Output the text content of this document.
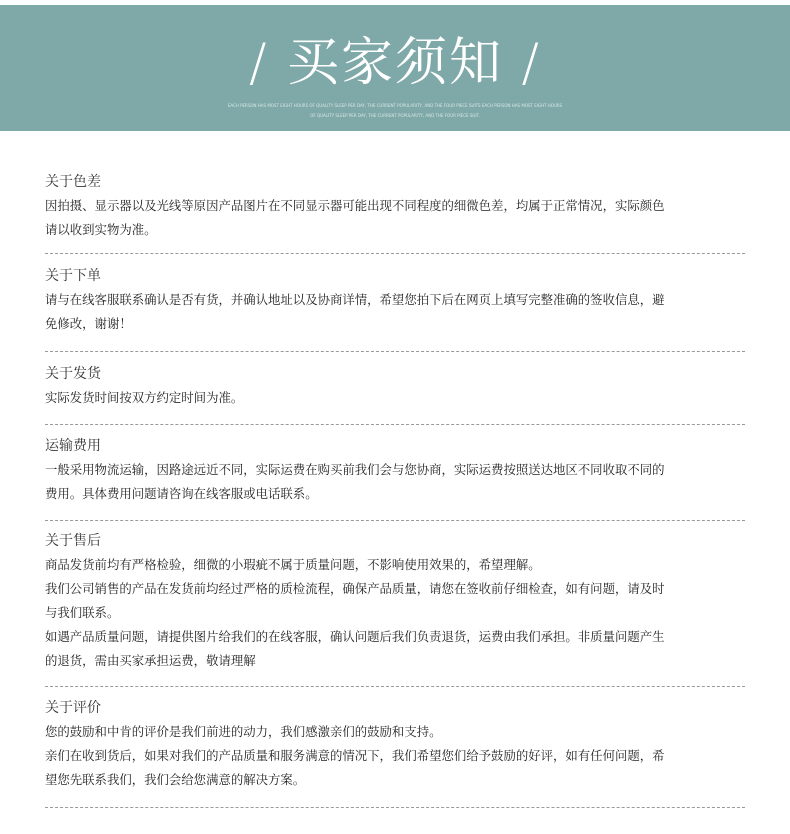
/ 买家须知 /
EACH PERSON HAS MOST EIGHT HOURS OF QUALITY SLEEP PER DAY, THE CURRENT POPULARITY, AND THE FOUR PIECE SUITS EACH PERSON HAS MOST EIGHT HOURS
OF QUALITY SLEEP PER DAY, THE CURRENT POPULARITY, AND THE FOUR PIECE SUIT.
关于色差

因拍摄、显示器以及光线等原因产品图片在不同显示器可能出现不同程度的细微色差，均属于正常情况，实际颜色

请以收到实物为准。

关于下单

请与在线客服联系确认是否有货，并确认地址以及协商详情，希望您拍下后在网页上填写完整准确的签收信息，避

免修改，谢谢！

关于发货

实际发货时间按双方约定时间为准。

运输费用

一般采用物流运输，因路途远近不同，实际运费在购买前我们会与您协商，实际运费按照送达地区不同收取不同的

费用。具体费用问题请咨询在线客服或电话联系。

关于售后

商品发货前均有严格检验，细微的小瑕疵不属于质量问题，不影响使用效果的，希望理解。

我们公司销售的产品在发货前均经过严格的质检流程，确保产品质量，请您在签收前仔细检查，如有问题，请及时

与我们联系。

如遇产品质量问题，请提供图片给我们的在线客服，确认问题后我们负责退货，运费由我们承担。非质量问题产生

的退货，需由买家承担运费，敬请理解

关于评价

您的鼓励和中肯的评价是我们前进的动力，我们感激亲们的鼓励和支持。

亲们在收到货后，如果对我们的产品质量和服务满意的情况下，我们希望您们给予鼓励的好评，如有任何问题，希

望您先联系我们，我们会给您满意的解决方案。
